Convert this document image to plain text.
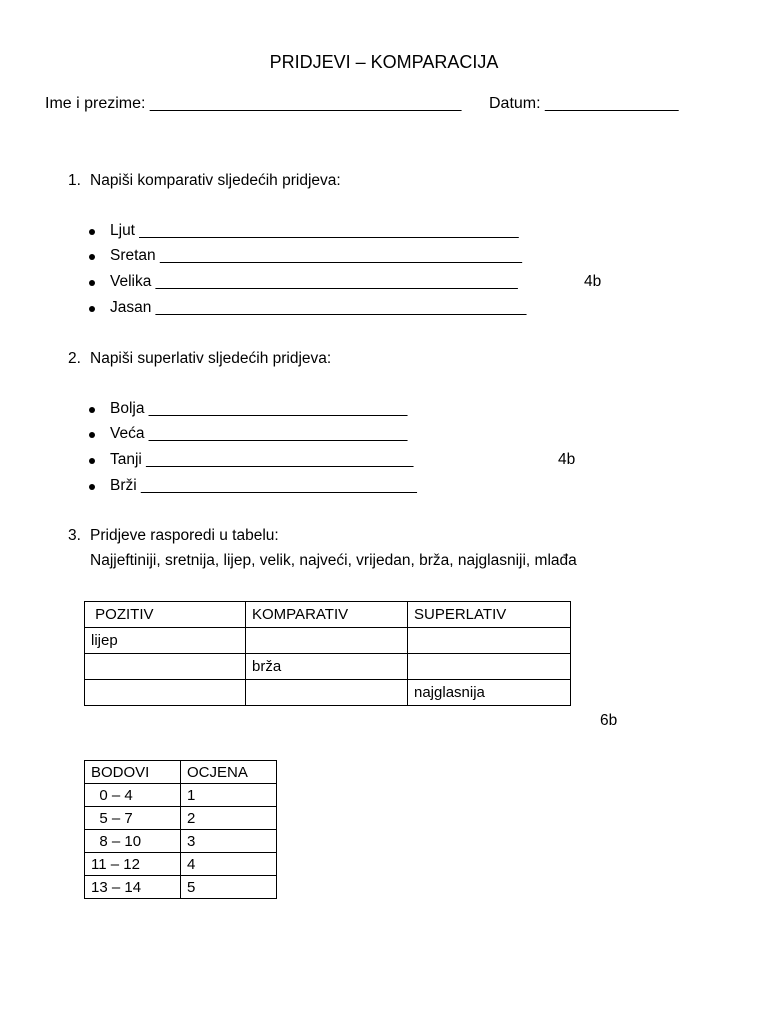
PRIDJEVI – KOMPARACIJA
Ime i prezime: ___________________________________ Datum: _______________
1. Napiši komparativ sljedećih pridjeva:
Ljut ____________________________________________
Sretan __________________________________________
Velika __________________________________________
Jasan ___________________________________________
4b
2. Napiši superlativ sljedećih pridjeva:
Bolja ______________________________
Veća ______________________________
Tanji _______________________________
Brži ________________________________
4b
3. Pridjeve rasporedi u tabelu:
Najjeftiniji, sretnija, lijep, velik, najveći, vrijedan, brža, najglasniji, mlađa
POZITIV	KOMPARATIV	SUPERLATIV
lijep		
	brža	
		najglasnija
6b
BODOVI	OCJENA
0 – 4	1
5 – 7	2
8 – 10	3
11 – 12	4
13 – 14	5
